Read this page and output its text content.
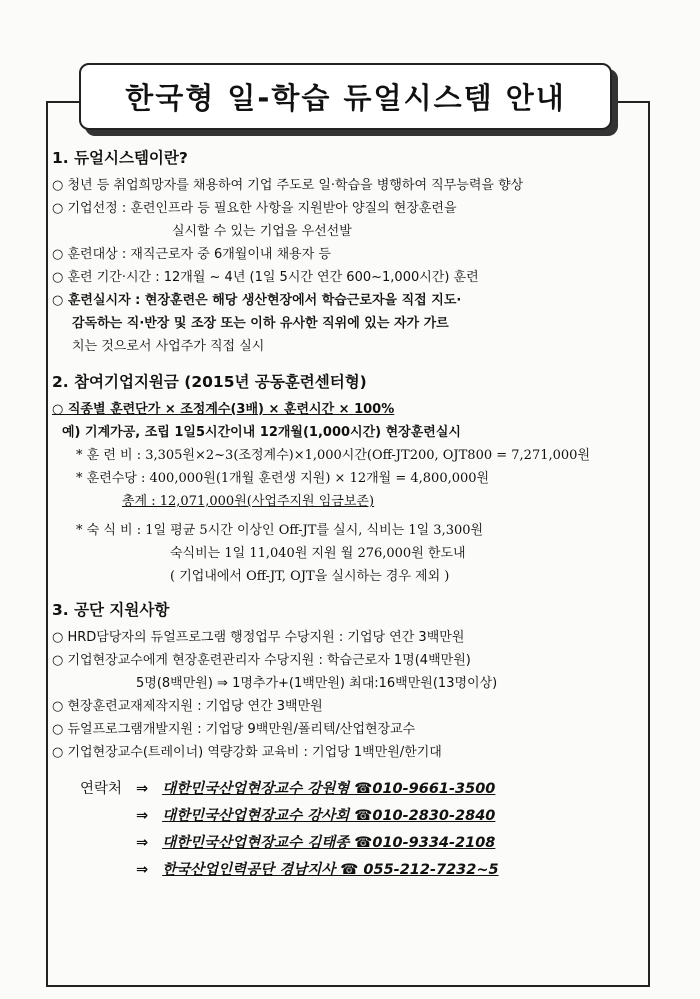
한국형 일-학습 듀얼시스템 안내
1. 듀얼시스템이란?
○ 청년 등 취업희망자를 채용하여 기업 주도로 일·학습을 병행하여 직무능력을 향상
○ 기업선정 : 훈련인프라 등 필요한 사항을 지원받아 양질의 현장훈련을
실시할 수 있는 기업을 우선선발
○ 훈련대상 : 재직근로자 중 6개월이내 채용자 등
○ 훈련 기간·시간 : 12개월 ~ 4년 (1일 5시간 연간 600~1,000시간) 훈련
○ 훈련실시자 : 현장훈련은 해당 생산현장에서 학습근로자을 직접 지도·
감독하는 직·반장 및 조장 또는 이하 유사한 직위에 있는 자가 가르
치는 것으로서 사업주가 직접 실시
2. 참여기업지원금 (2015년 공동훈련센터형)
○ 직종별 훈련단가 × 조정계수(3배) × 훈련시간 × 100%
예) 기계가공, 조립 1일5시간이내 12개월(1,000시간) 현장훈련실시
* 훈 련 비 : 3,305원×2~3(조정계수)×1,000시간(Off-JT200, OJT800 = 7,271,000원
* 훈련수당 : 400,000원(1개월 훈련생 지원) × 12개월 = 4,800,000원
총계 : 12,071,000원(사업주지원 임금보존)
* 숙 식 비 : 1일 평균 5시간 이상인 Off-JT를 실시, 식비는 1일 3,300원
숙식비는 1일 11,040원 지원 월 276,000원 한도내
( 기업내에서 Off-JT, OJT을 실시하는 경우 제외 )
3. 공단 지원사항
○ HRD담당자의 듀얼프로그램 행정업무 수당지원 : 기업당 연간 3백만원
○ 기업현장교수에게 현장훈련관리자 수당지원 : 학습근로자 1명(4백만원)
5명(8백만원) ⇒ 1명추가+(1백만원) 최대:16백만원(13명이상)
○ 현장훈련교재제작지원 : 기업당 연간 3백만원
○ 듀얼프로그램개발지원 : 기업당 9백만원/폴리텍/산업현장교수
○ 기업현장교수(트레이너) 역량강화 교육비 : 기업당 1백만원/한기대
연락처 ⇒ 대한민국산업현장교수 강원형 ☎010-9661-3500
⇒ 대한민국산업현장교수 강사회 ☎010-2830-2840
⇒ 대한민국산업현장교수 김태종 ☎010-9334-2108
⇒ 한국산업인력공단 경남지사 ☎ 055-212-7232~5
